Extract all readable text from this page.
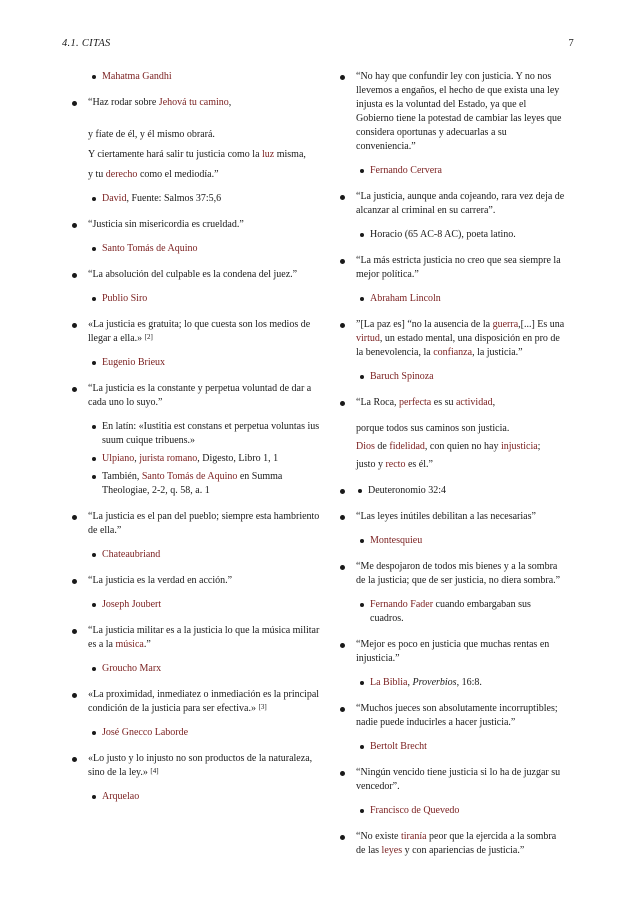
4.1. CITAS	7
Mahatma Gandhi
“Haz rodar sobre Jehová tu camino,
y fíate de él, y él mismo obrará.
Y ciertamente hará salir tu justicia como la luz misma,
y tu derecho como el mediodía.”
David, Fuente: Salmos 37:5,6
“Justicia sin misericordia es crueldad.”
Santo Tomás de Aquino
“La absolución del culpable es la condena del juez.”
Publio Siro
«La justicia es gratuita; lo que cuesta son los medios de llegar a ella.» [2]
Eugenio Brieux
“La justicia es la constante y perpetua voluntad de dar a cada uno lo suyo.”
En latín: «Iustitia est constans et perpetua voluntas ius suum cuique tribuens.»
Ulpiano, jurista romano, Digesto, Libro 1, 1
También, Santo Tomás de Aquino en Summa Theologiae, 2-2, q. 58, a. 1
“La justicia es el pan del pueblo; siempre esta hambriento de ella.”
Chateaubriand
“La justicia es la verdad en acción.”
Joseph Joubert
“La justicia militar es a la justicia lo que la música militar es a la música.”
Groucho Marx
«La proximidad, inmediatez o inmediación es la principal condición de la justicia para ser efectiva.» [3]
José Gnecco Laborde
«Lo justo y lo injusto no son productos de la naturaleza, sino de la ley.» [4]
Arquelao
“No hay que confundir ley con justicia. Y no nos llevemos a engaños, el hecho de que exista una ley injusta es la voluntad del Estado, ya que el Gobierno tiene la potestad de cambiar las leyes que considera oportunas y adecuarlas a su conveniencia.”
Fernando Cervera
“La justicia, aunque anda cojeando, rara vez deja de alcanzar al criminal en su carrera”.
Horacio (65 AC-8 AC), poeta latino.
“La más estricta justicia no creo que sea siempre la mejor política.”
Abraham Lincoln
”[La paz es] “no la ausencia de la guerra,[...] Es una virtud, un estado mental, una disposición en pro de la benevolencia, la confianza, la justicia.”
Baruch Spinoza
“La Roca, perfecta es su actividad,
porque todos sus caminos son justicia.
Dios de fidelidad, con quien no hay injusticia;
justo y recto es él.”
Deuteronomio 32:4
“Las leyes inútiles debilitan a las necesarias”
Montesquieu
“Me despojaron de todos mis bienes y a la sombra de la justicia; que de ser justicia, no diera sombra.”
Fernando Fader cuando embargaban sus cuadros.
“Mejor es poco en justicia que muchas rentas en injusticia.”
La Biblia, Proverbios, 16:8.
“Muchos jueces son absolutamente incorruptibles; nadie puede inducirles a hacer justicia.”
Bertolt Brecht
“Ningún vencido tiene justicia si lo ha de juzgar su vencedor”.
Francisco de Quevedo
“No existe tiranía peor que la ejercida a la sombra de las leyes y con apariencias de justicia.”
